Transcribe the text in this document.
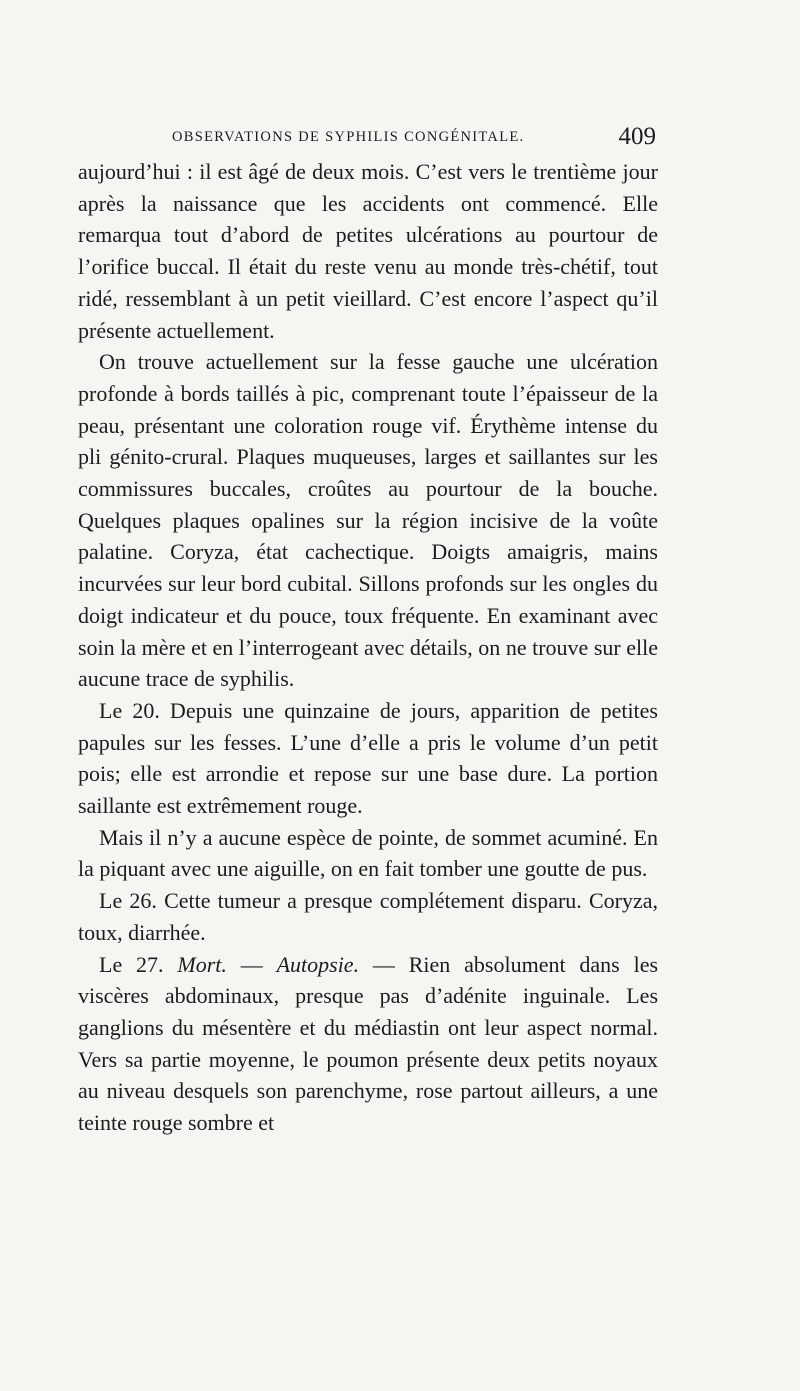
OBSERVATIONS DE SYPHILIS CONGÉNITALE.	409

aujourd’hui : il est âgé de deux mois. C’est vers le trentième jour après la naissance que les accidents ont commencé. Elle remarqua tout d’abord de petites ulcérations au pourtour de l’orifice buccal. Il était du reste venu au monde très-chétif, tout ridé, ressemblant à un petit vieillard. C’est encore l’aspect qu’il présente actuellement.

On trouve actuellement sur la fesse gauche une ulcération profonde à bords taillés à pic, comprenant toute l’épaisseur de la peau, présentant une coloration rouge vif. Érythème intense du pli génito-crural. Plaques muqueuses, larges et saillantes sur les commissures buccales, croûtes au pourtour de la bouche. Quelques plaques opalines sur la région incisive de la voûte palatine. Coryza, état cachectique. Doigts amaigris, mains incurvées sur leur bord cubital. Sillons profonds sur les ongles du doigt indicateur et du pouce, toux fréquente. En examinant avec soin la mère et en l’interrogeant avec détails, on ne trouve sur elle aucune trace de syphilis.

Le 20. Depuis une quinzaine de jours, apparition de petites papules sur les fesses. L’une d’elle a pris le volume d’un petit pois; elle est arrondie et repose sur une base dure. La portion saillante est extrêmement rouge.

Mais il n’y a aucune espèce de pointe, de sommet acuminé. En la piquant avec une aiguille, on en fait tomber une goutte de pus.

Le 26. Cette tumeur a presque complétement disparu. Coryza, toux, diarrhée.

Le 27. Mort. — Autopsie. — Rien absolument dans les viscères abdominaux, presque pas d’adénite inguinale. Les ganglions du mésentère et du médiastin ont leur aspect normal. Vers sa partie moyenne, le poumon présente deux petits noyaux au niveau desquels son parenchyme, rose partout ailleurs, a une teinte rouge sombre et
